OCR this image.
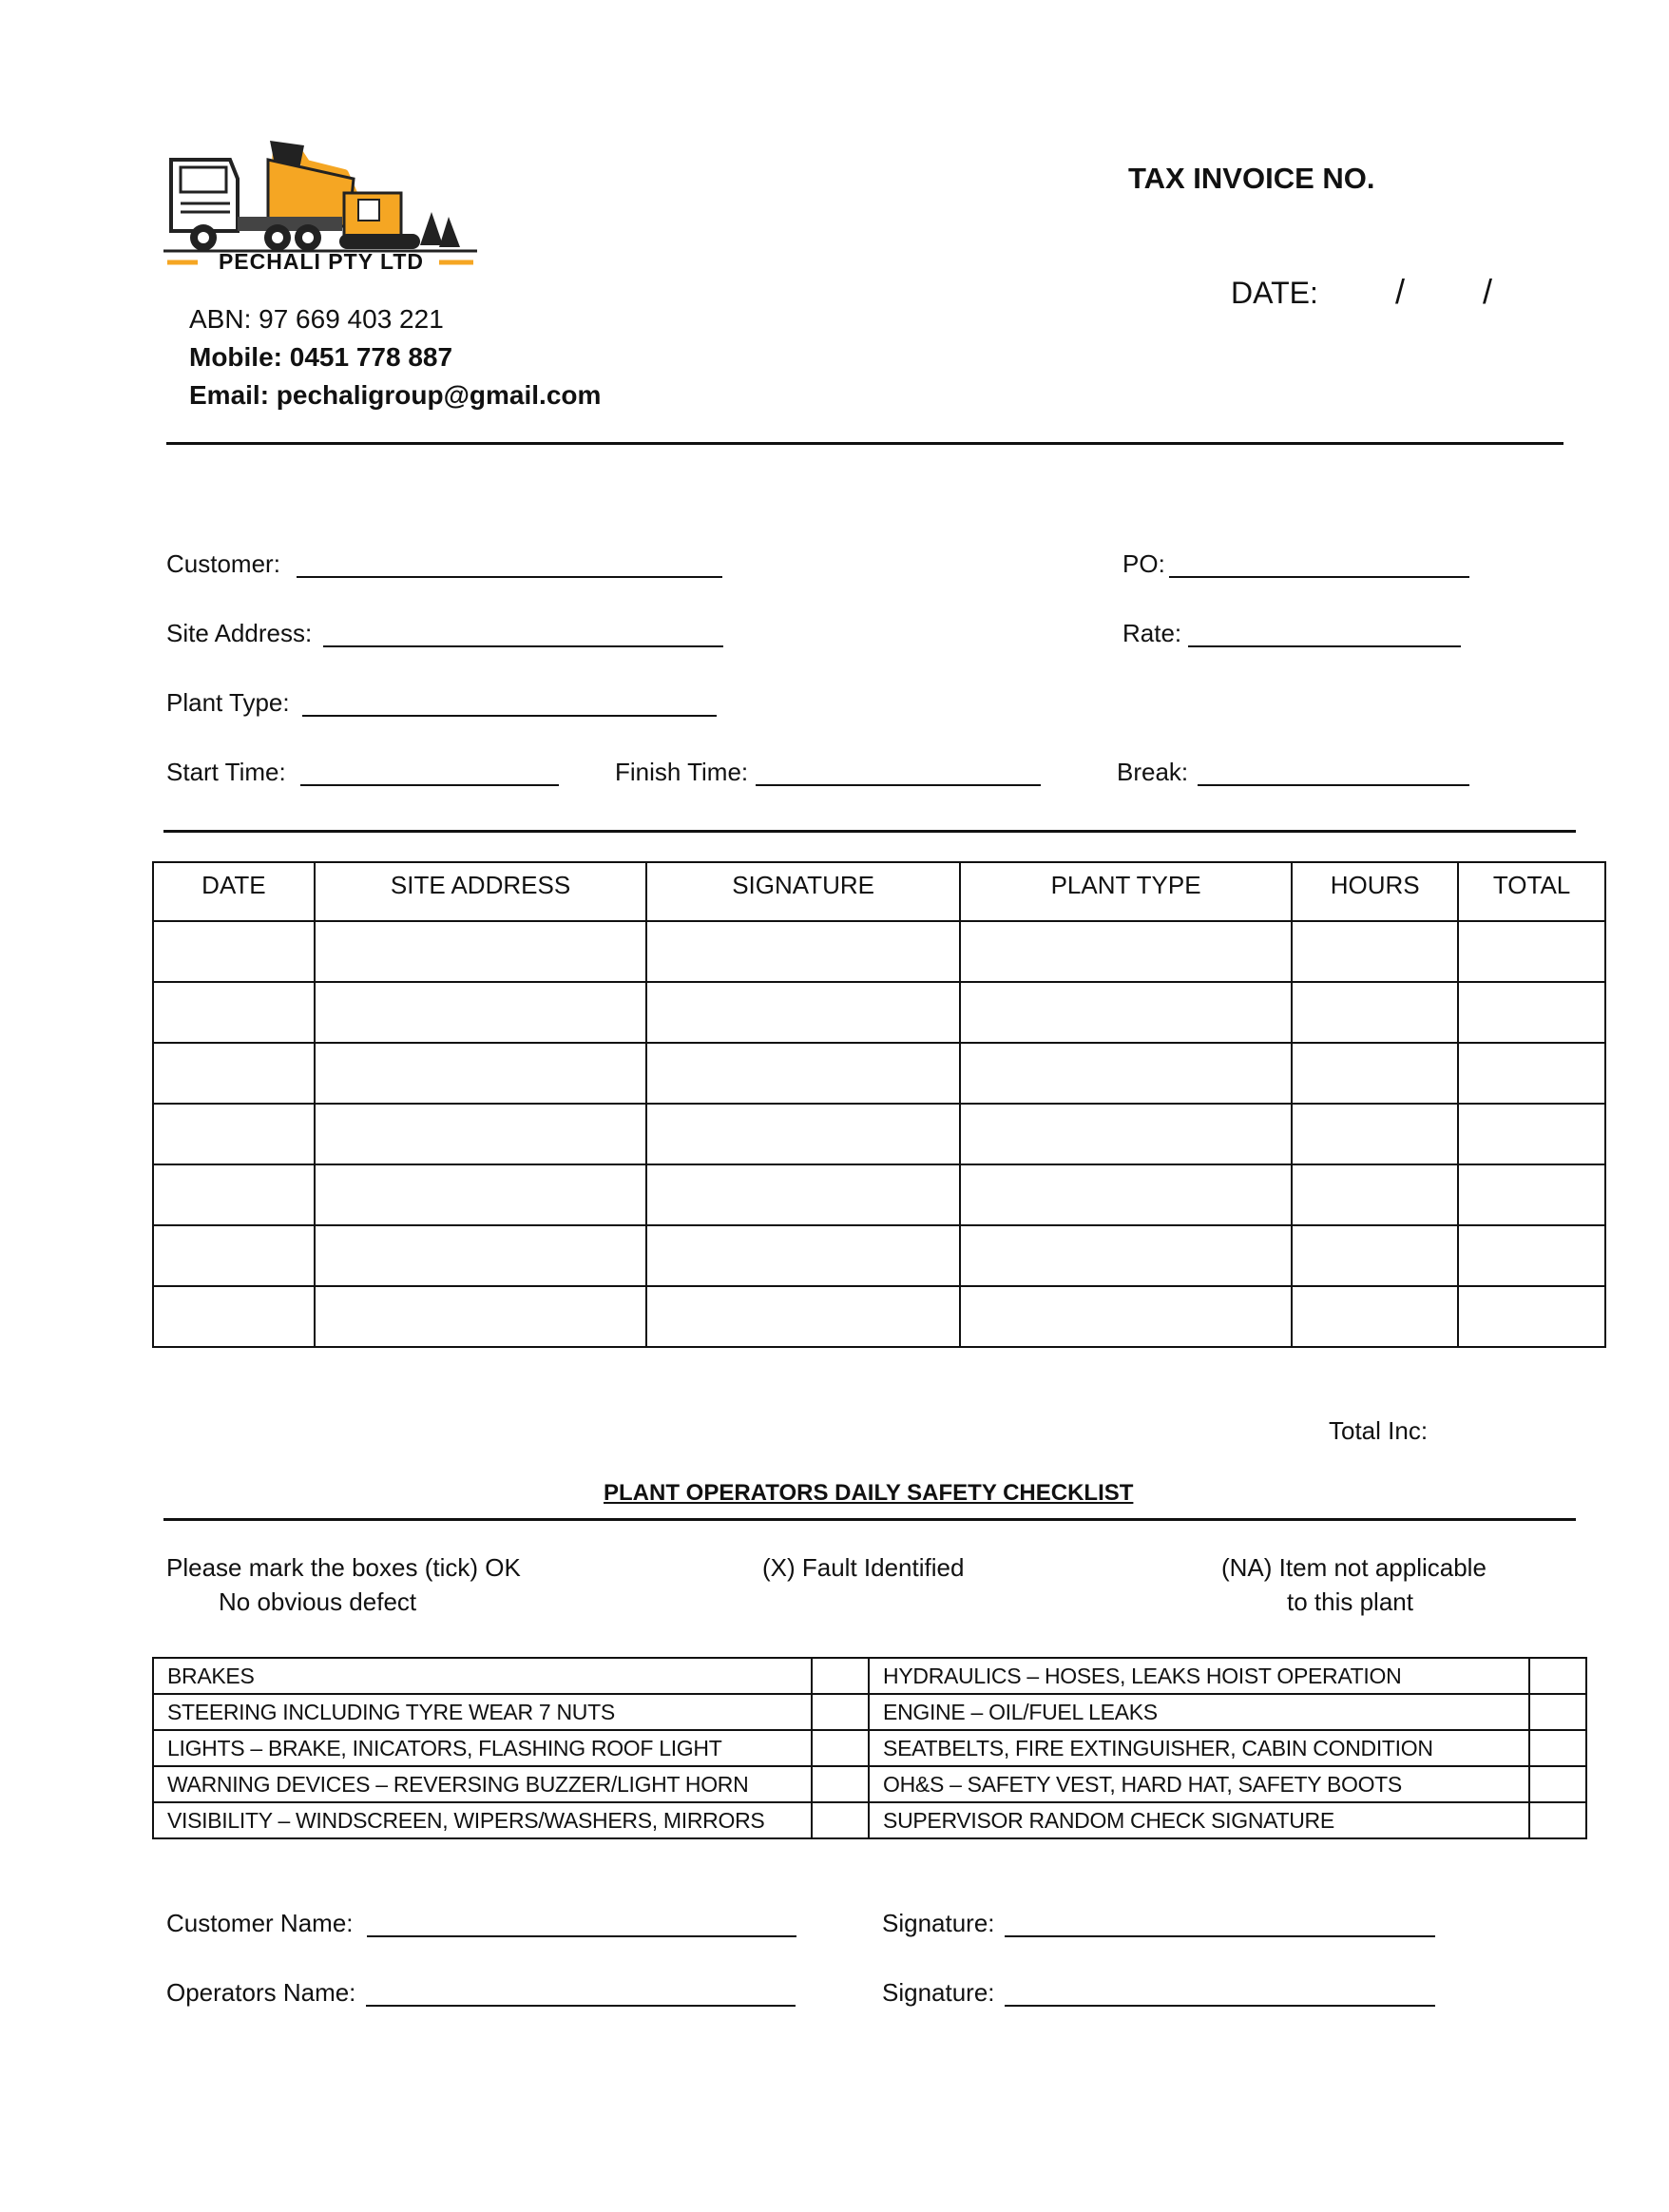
PECHALI PTY LTD
ABN: 97 669 403 221
Mobile: 0451 778 887
Email: pechaligroup@gmail.com
TAX INVOICE NO.
DATE: / /
Customer:	PO:
Site Address:	Rate:
Plant Type:
Start Time:	Finish Time:	Break:
DATE	SITE ADDRESS	SIGNATURE	PLANT TYPE	HOURS	TOTAL

Total Inc:
PLANT OPERATORS DAILY SAFETY CHECKLIST
Please mark the boxes (tick) OK
No obvious defect
(X) Fault Identified	(NA) Item not applicable
to this plant
BRAKES		HYDRAULICS – HOSES, LEAKS HOIST OPERATION	
STEERING INCLUDING TYRE WEAR 7 NUTS		ENGINE – OIL/FUEL LEAKS	
LIGHTS – BRAKE, INICATORS, FLASHING ROOF LIGHT		SEATBELTS, FIRE EXTINGUISHER, CABIN CONDITION	
WARNING DEVICES – REVERSING BUZZER/LIGHT HORN		OH&S – SAFETY VEST, HARD HAT, SAFETY BOOTS	
VISIBILITY – WINDSCREEN, WIPERS/WASHERS, MIRRORS		SUPERVISOR RANDOM CHECK SIGNATURE	
Customer Name:	Signature:
Operators Name:	Signature:
